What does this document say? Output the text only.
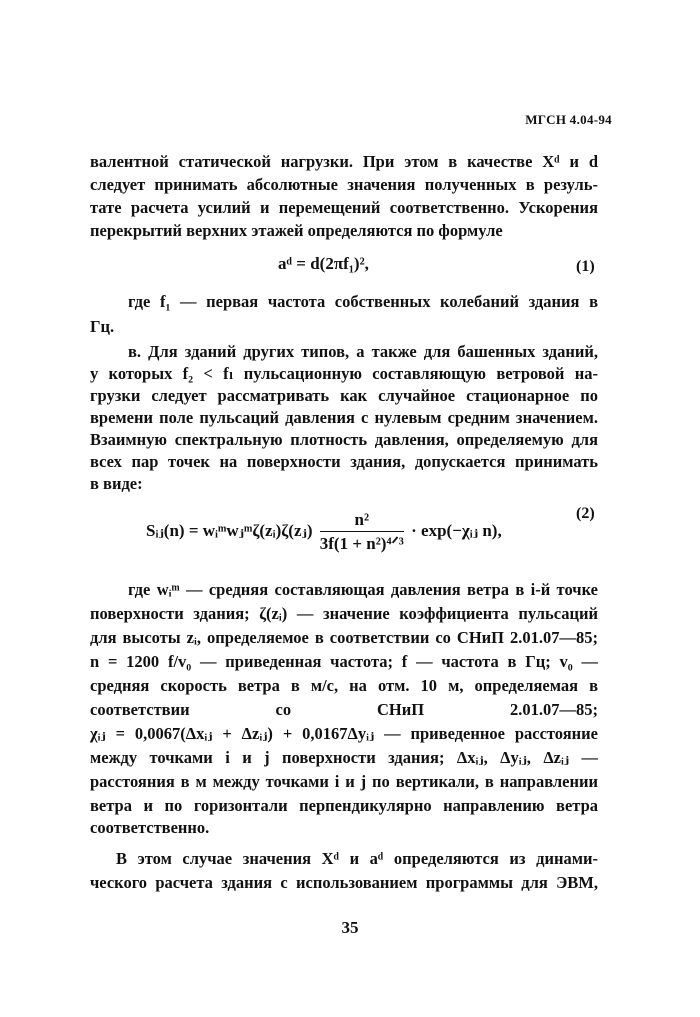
МГСН 4.04-94
валентной статической нагрузки. При этом в качестве Xᵈ и d
следует принимать абсолютные значения полученных в резуль-
тате расчета усилий и перемещений соответственно. Ускорения
перекрытий верхних этажей определяются по формуле
aᵈ = d(2πf₁)²,	(1)
где f₁ — первая частота собственных колебаний здания в
Гц.
в. Для зданий других типов, а также для башенных зданий,
у которых f₂ < fₗ пульсационную составляющую ветровой на-
грузки следует рассматривать как случайное стационарное по
времени поле пульсаций давления с нулевым средним значением.
Взаимную спектральную плотность давления, определяемую для
всех пар точек на поверхности здания, допускается принимать
в виде:
Sᵢⱼ(n) = wᵢᵐwⱼᵐζ(zᵢ)ζ(zⱼ) $\frac{\text{n²}}{\text{3f(1 + n²)⁴ᐟ³}}$ · exp(−χᵢⱼ n),
(2)
где wᵢᵐ — средняя составляющая давления ветра в i-й точке
поверхности здания; ζ(zᵢ) — значение коэффициента пульсаций
для высоты zᵢ, определяемое в соответствии со СНиП 2.01.07—85;
n = 1200 f/v₀ — приведенная частота; f — частота в Гц; v₀ —
средняя скорость ветра в м/с, на отм. 10 м, определяемая в
соответствии со СНиП 2.01.07—85;
χᵢⱼ = 0,0067(Δxᵢⱼ + Δzᵢⱼ) + 0,0167Δyᵢⱼ — приведенное расстояние
между точками i и j поверхности здания; Δxᵢⱼ, Δyᵢⱼ, Δzᵢⱼ —
расстояния в м между точками i и j по вертикали, в направлении
ветра и по горизонтали перпендикулярно направлению ветра
соответственно.
В этом случае значения Xᵈ и aᵈ определяются из динами-
ческого расчета здания с использованием программы для ЭВМ,
35
